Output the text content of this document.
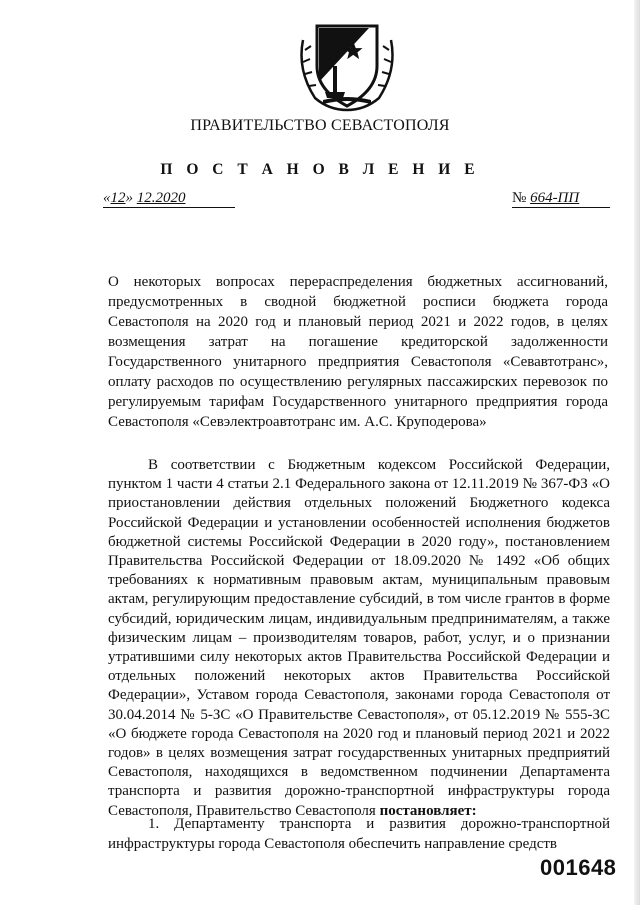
ПРАВИТЕЛЬСТВО СЕВАСТОПОЛЯ
П О С Т А Н О В Л Е Н И Е
«12» 12.2020	№ 664-ПП
О некоторых вопросах перераспределения бюджетных ассигнований, предусмотренных в сводной бюджетной росписи бюджета города Севастополя на 2020 год и плановый период 2021 и 2022 годов, в целях возмещения затрат на погашение кредиторской задолженности Государственного унитарного предприятия Севастополя «Севавтотранс», оплату расходов по осуществлению регулярных пассажирских перевозок по регулируемым тарифам Государственного унитарного предприятия города Севастополя «Севэлектроавтотранс им. А.С. Круподерова»

В соответствии с Бюджетным кодексом Российской Федерации, пунктом 1 части 4 статьи 2.1 Федерального закона от 12.11.2019 № 367-ФЗ «О приостановлении действия отдельных положений Бюджетного кодекса Российской Федерации и установлении особенностей исполнения бюджетов бюджетной системы Российской Федерации в 2020 году», постановлением Правительства Российской Федерации от 18.09.2020 № 1492 «Об общих требованиях к нормативным правовым актам, муниципальным правовым актам, регулирующим предоставление субсидий, в том числе грантов в форме субсидий, юридическим лицам, индивидуальным предпринимателям, а также физическим лицам – производителям товаров, работ, услуг, и о признании утратившими силу некоторых актов Правительства Российской Федерации и отдельных положений некоторых актов Правительства Российской Федерации», Уставом города Севастополя, законами города Севастополя от 30.04.2014 № 5-ЗС «О Правительстве Севастополя», от 05.12.2019 № 555-ЗС «О бюджете города Севастополя на 2020 год и плановый период 2021 и 2022 годов» в целях возмещения затрат государственных унитарных предприятий Севастополя, находящихся в ведомственном подчинении Департамента транспорта и развития дорожно-транспортной инфраструктуры города Севастополя, Правительство Севастополя постановляет:

1. Департаменту транспорта и развития дорожно-транспортной инфраструктуры города Севастополя обеспечить направление средств

001648
